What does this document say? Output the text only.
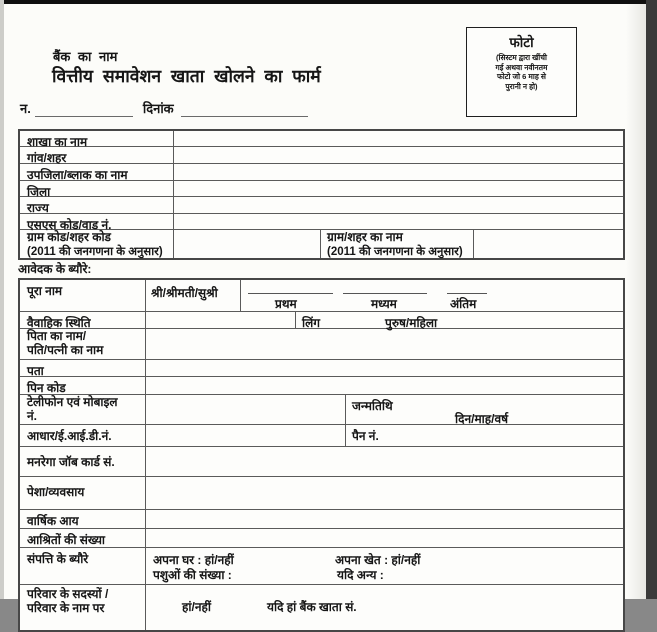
बैंक का नाम
वित्तीय समावेशन खाता खोलने का फार्म
न.	दिनांक
फोटो
(सिस्टम द्वारा खींची
गई अथवा नवीनतम
फोटो जो 6 माह से
पुरानी न हो)
शाखा का नाम
गांव/शहर
उपजिला/ब्लाक का नाम
जिला
राज्य
एसएस कोड/वाड नं.
ग्राम कोड/शहर कोड
(2011 की जनगणना के अनुसार)
ग्राम/शहर का नाम
(2011 की जनगणना के अनुसार)
आवेदक के ब्यौरे:
पूरा नाम	श्री/श्रीमती/सुश्री
प्रथम	मध्यम	अंतिम
वैवाहिक स्थिति	लिंग	पुरुष/महिला
पिता का नाम/
पति/पत्नी का नाम
पता
पिन कोड
टेलीफोन एवं मोबाइल
नं.
जन्मतिथि
दिन/माह/वर्ष
आधार/ई.आई.डी.नं.	पैन नं.
मनरेगा जॉब कार्ड सं.
पेशा/व्यवसाय
वार्षिक आय
आश्रितों की संख्या
संपत्ति के ब्यौरे	अपना घर : हां/नहीं	अपना खेत : हां/नहीं
पशुओं की संख्या :	यदि अन्य :
परिवार के सदस्यों /
परिवार के नाम पर	हां/नहीं	यदि हां बैंक खाता सं.
